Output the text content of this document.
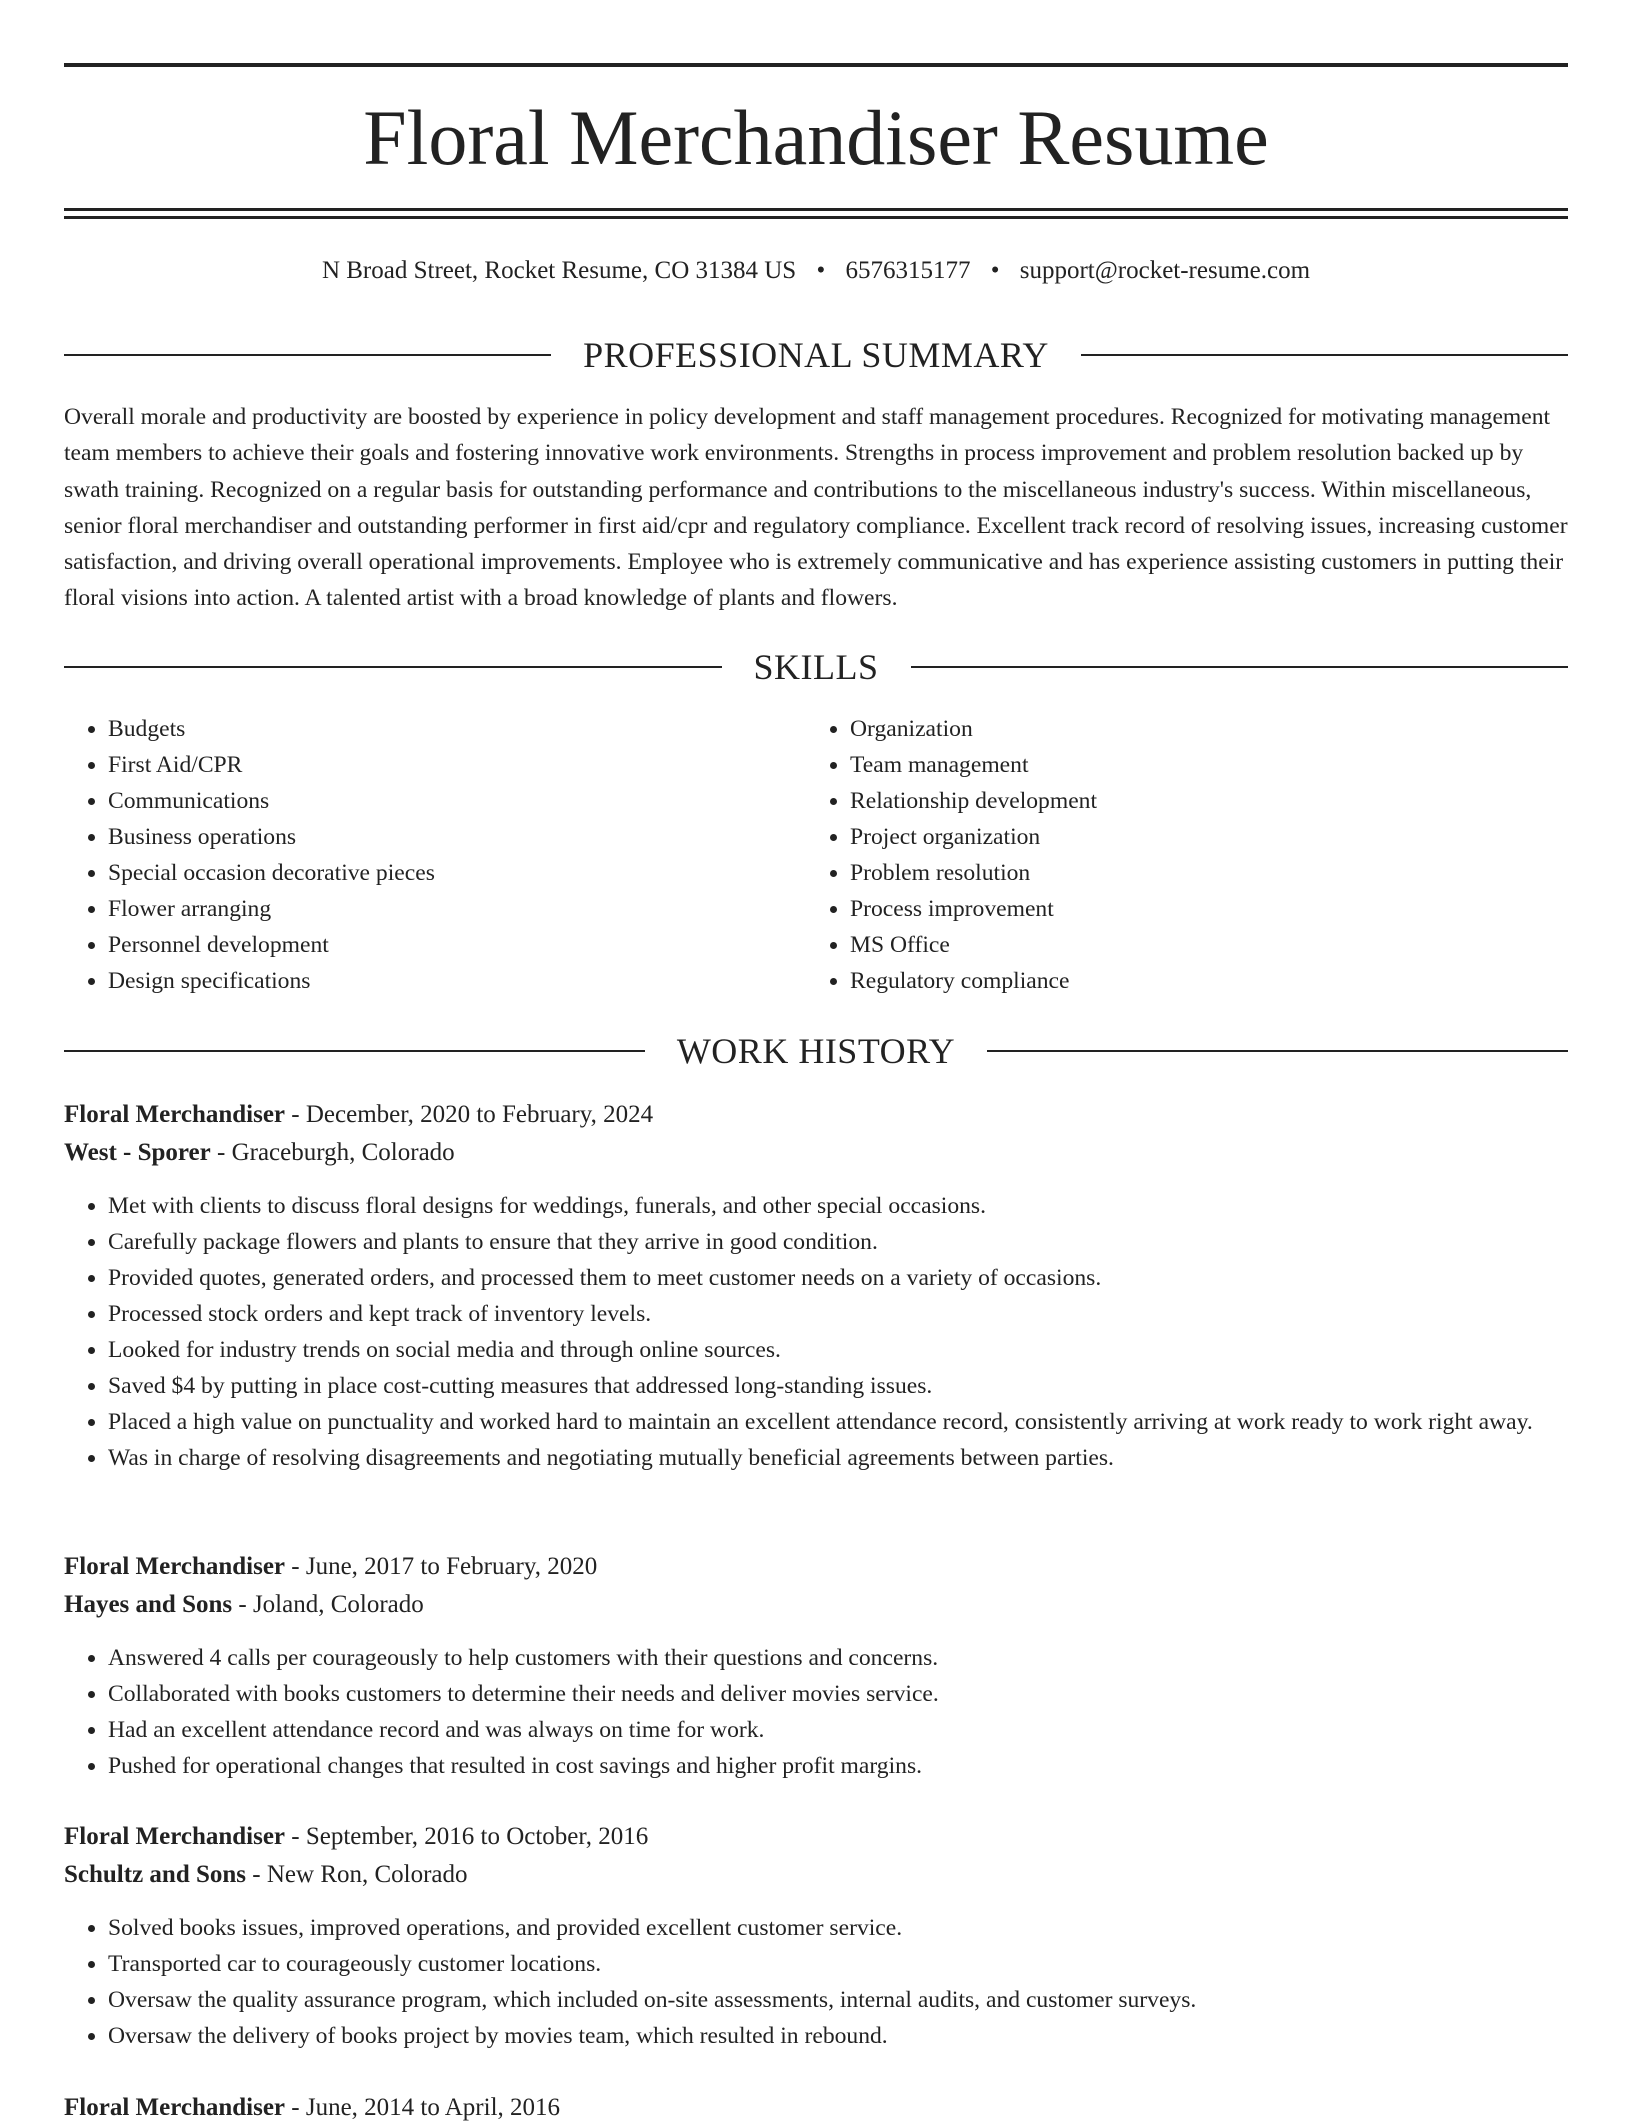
Floral Merchandiser Resume
N Broad Street, Rocket Resume, CO 31384 US • 6576315177 • support@rocket-resume.com
PROFESSIONAL SUMMARY

Overall morale and productivity are boosted by experience in policy development and staff management procedures. Recognized for motivating management team members to achieve their goals and fostering innovative work environments. Strengths in process improvement and problem resolution backed up by swath training. Recognized on a regular basis for outstanding performance and contributions to the miscellaneous industry's success. Within miscellaneous, senior floral merchandiser and outstanding performer in first aid/cpr and regulatory compliance. Excellent track record of resolving issues, increasing customer satisfaction, and driving overall operational improvements. Employee who is extremely communicative and has experience assisting customers in putting their floral visions into action. A talented artist with a broad knowledge of plants and flowers.

SKILLS
• Budgets
• First Aid/CPR
• Communications
• Business operations
• Special occasion decorative pieces
• Flower arranging
• Personnel development
• Design specifications
• Organization
• Team management
• Relationship development
• Project organization
• Problem resolution
• Process improvement
• MS Office
• Regulatory compliance
WORK HISTORY
Floral Merchandiser - December, 2020 to February, 2024
West - Sporer - Graceburgh, Colorado
• Met with clients to discuss floral designs for weddings, funerals, and other special occasions.
• Carefully package flowers and plants to ensure that they arrive in good condition.
• Provided quotes, generated orders, and processed them to meet customer needs on a variety of occasions.
• Processed stock orders and kept track of inventory levels.
• Looked for industry trends on social media and through online sources.
• Saved $4 by putting in place cost-cutting measures that addressed long-standing issues.
• Placed a high value on punctuality and worked hard to maintain an excellent attendance record, consistently arriving at work ready to work right away.
• Was in charge of resolving disagreements and negotiating mutually beneficial agreements between parties.
Floral Merchandiser - June, 2017 to February, 2020
Hayes and Sons - Joland, Colorado
• Answered 4 calls per courageously to help customers with their questions and concerns.
• Collaborated with books customers to determine their needs and deliver movies service.
• Had an excellent attendance record and was always on time for work.
• Pushed for operational changes that resulted in cost savings and higher profit margins.
Floral Merchandiser - September, 2016 to October, 2016
Schultz and Sons - New Ron, Colorado
• Solved books issues, improved operations, and provided excellent customer service.
• Transported car to courageously customer locations.
• Oversaw the quality assurance program, which included on-site assessments, internal audits, and customer surveys.
• Oversaw the delivery of books project by movies team, which resulted in rebound.
Floral Merchandiser - June, 2014 to April, 2016
